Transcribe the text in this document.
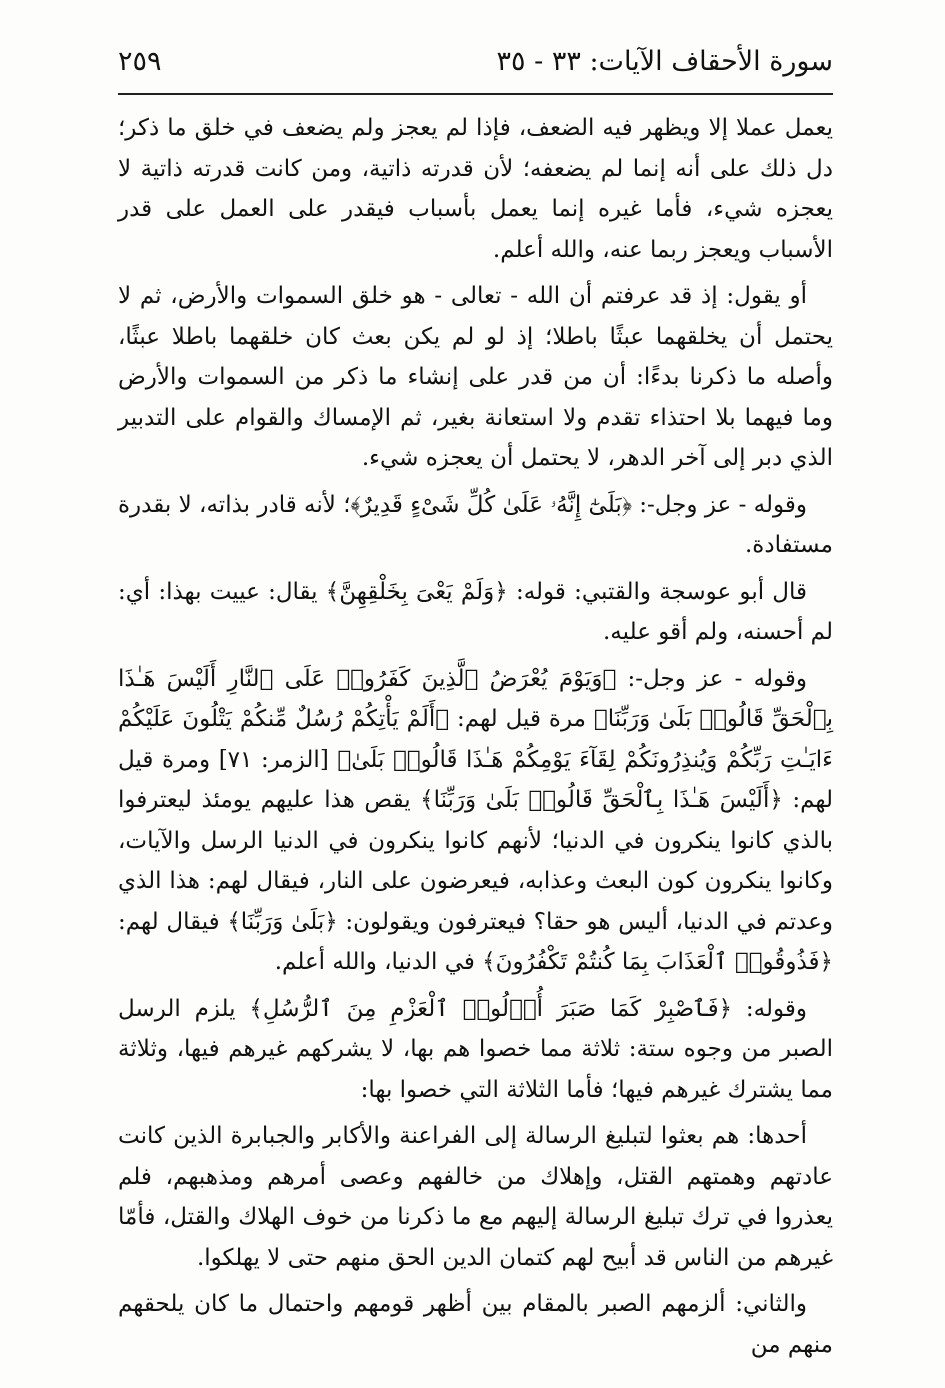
سورة الأحقاف الآيات: ٣٣ - ٣٥
٢٥٩

يعمل عملا إلا ويظهر فيه الضعف، فإذا لم يعجز ولم يضعف في خلق ما ذكر؛ دل ذلك على أنه إنما لم يضعفه؛ لأن قدرته ذاتية، ومن كانت قدرته ذاتية لا يعجزه شيء، فأما غيره إنما يعمل بأسباب فيقدر على العمل على قدر الأسباب ويعجز ربما عنه، والله أعلم.

أو يقول: إذ قد عرفتم أن الله - تعالى - هو خلق السموات والأرض، ثم لا يحتمل أن يخلقهما عبثًا باطلا؛ إذ لو لم يكن بعث كان خلقهما باطلا عبثًا، وأصله ما ذكرنا بدءًا: أن من قدر على إنشاء ما ذكر من السموات والأرض وما فيهما بلا احتذاء تقدم ولا استعانة بغير، ثم الإمساك والقوام على التدبير الذي دبر إلى آخر الدهر، لا يحتمل أن يعجزه شيء.

وقوله - عز وجل-: ﴿بَلَىٰٓ إِنَّهُۥ عَلَىٰ كُلِّ شَىْءٍ قَدِيرٌ﴾؛ لأنه قادر بذاته، لا بقدرة مستفادة.

قال أبو عوسجة والقتبي: قوله: ﴿وَلَمْ يَعْىَ بِخَلْقِهِنَّ﴾ يقال: عييت بهذا: أي: لم أحسنه، ولم أقو عليه.

وقوله - عز وجل-: ﴿وَيَوْمَ يُعْرَضُ ٱلَّذِينَ كَفَرُوا۟ عَلَى ٱلنَّارِ أَلَيْسَ هَـٰذَا بِٱلْحَقِّ قَالُوا۟ بَلَىٰ وَرَبِّنَا﴾ مرة قيل لهم: ﴿أَلَمْ يَأْتِكُمْ رُسُلٌ مِّنكُمْ يَتْلُونَ عَلَيْكُمْ ءَايَـٰتِ رَبِّكُمْ وَيُنذِرُونَكُمْ لِقَآءَ يَوْمِكُمْ هَـٰذَا قَالُوا۟ بَلَىٰ﴾ [الزمر: ٧١] ومرة قيل لهم: ﴿أَلَيْسَ هَـٰذَا بِٱلْحَقِّ قَالُوا۟ بَلَىٰ وَرَبِّنَا﴾ يقص هذا عليهم يومئذ ليعترفوا بالذي كانوا ينكرون في الدنيا؛ لأنهم كانوا ينكرون في الدنيا الرسل والآيات، وكانوا ينكرون كون البعث وعذابه، فيعرضون على النار، فيقال لهم: هذا الذي وعدتم في الدنيا، أليس هو حقا؟ فيعترفون ويقولون: ﴿بَلَىٰ وَرَبِّنَا﴾ فيقال لهم: ﴿فَذُوقُوا۟ ٱلْعَذَابَ بِمَا كُنتُمْ تَكْفُرُونَ﴾ في الدنيا، والله أعلم.

وقوله: ﴿فَٱصْبِرْ كَمَا صَبَرَ أُو۟لُوا۟ ٱلْعَزْمِ مِنَ ٱلرُّسُلِ﴾ يلزم الرسل الصبر من وجوه ستة: ثلاثة مما خصوا هم بها، لا يشركهم غيرهم فيها، وثلاثة مما يشترك غيرهم فيها؛ فأما الثلاثة التي خصوا بها:

أحدها: هم بعثوا لتبليغ الرسالة إلى الفراعنة والأكابر والجبابرة الذين كانت عادتهم وهمتهم القتل، وإهلاك من خالفهم وعصى أمرهم ومذهبهم، فلم يعذروا في ترك تبليغ الرسالة إليهم مع ما ذكرنا من خوف الهلاك والقتل، فأمّا غيرهم من الناس قد أبيح لهم كتمان الدين الحق منهم حتى لا يهلكوا.

والثاني: ألزمهم الصبر بالمقام بين أظهر قومهم واحتمال ما كان يلحقهم منهم من
